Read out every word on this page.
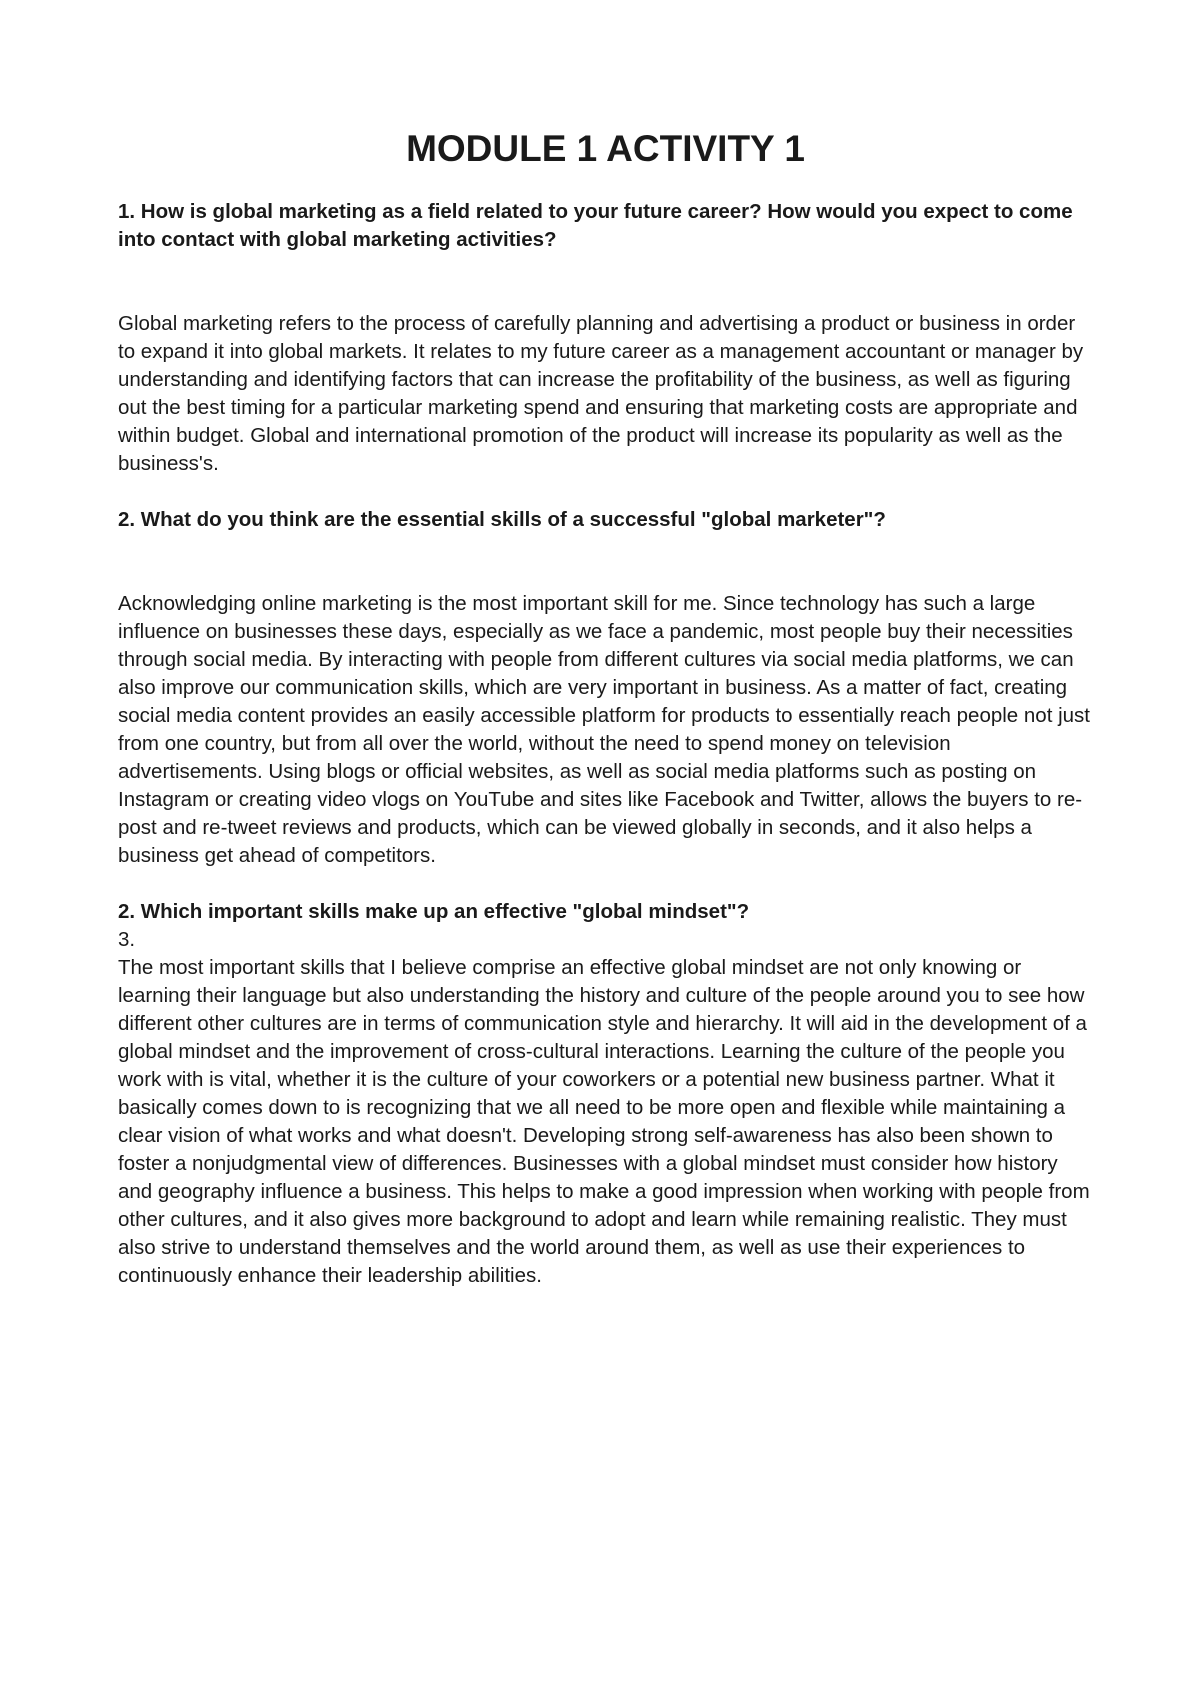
MODULE 1 ACTIVITY 1

1. How is global marketing as a field related to your future career? How would you expect to come into contact with global marketing activities?

Global marketing refers to the process of carefully planning and advertising a product or business in order to expand it into global markets. It relates to my future career as a management accountant or manager by understanding and identifying factors that can increase the profitability of the business, as well as figuring out the best timing for a particular marketing spend and ensuring that marketing costs are appropriate and within budget. Global and international promotion of the product will increase its popularity as well as the business's.

2. What do you think are the essential skills of a successful "global marketer"?

Acknowledging online marketing is the most important skill for me. Since technology has such a large influence on businesses these days, especially as we face a pandemic, most people buy their necessities through social media. By interacting with people from different cultures via social media platforms, we can also improve our communication skills, which are very important in business. As a matter of fact, creating social media content provides an easily accessible platform for products to essentially reach people not just from one country, but from all over the world, without the need to spend money on television advertisements. Using blogs or official websites, as well as social media platforms such as posting on Instagram or creating video vlogs on YouTube and sites like Facebook and Twitter, allows the buyers to re-post and re-tweet reviews and products, which can be viewed globally in seconds, and it also helps a business get ahead of competitors.

2. Which important skills make up an effective "global mindset"?

3.

The most important skills that I believe comprise an effective global mindset are not only knowing or learning their language but also understanding the history and culture of the people around you to see how different other cultures are in terms of communication style and hierarchy. It will aid in the development of a global mindset and the improvement of cross-cultural interactions. Learning the culture of the people you work with is vital, whether it is the culture of your coworkers or a potential new business partner. What it basically comes down to is recognizing that we all need to be more open and flexible while maintaining a clear vision of what works and what doesn't. Developing strong self-awareness has also been shown to foster a nonjudgmental view of differences. Businesses with a global mindset must consider how history and geography influence a business. This helps to make a good impression when working with people from other cultures, and it also gives more background to adopt and learn while remaining realistic. They must also strive to understand themselves and the world around them, as well as use their experiences to continuously enhance their leadership abilities.
